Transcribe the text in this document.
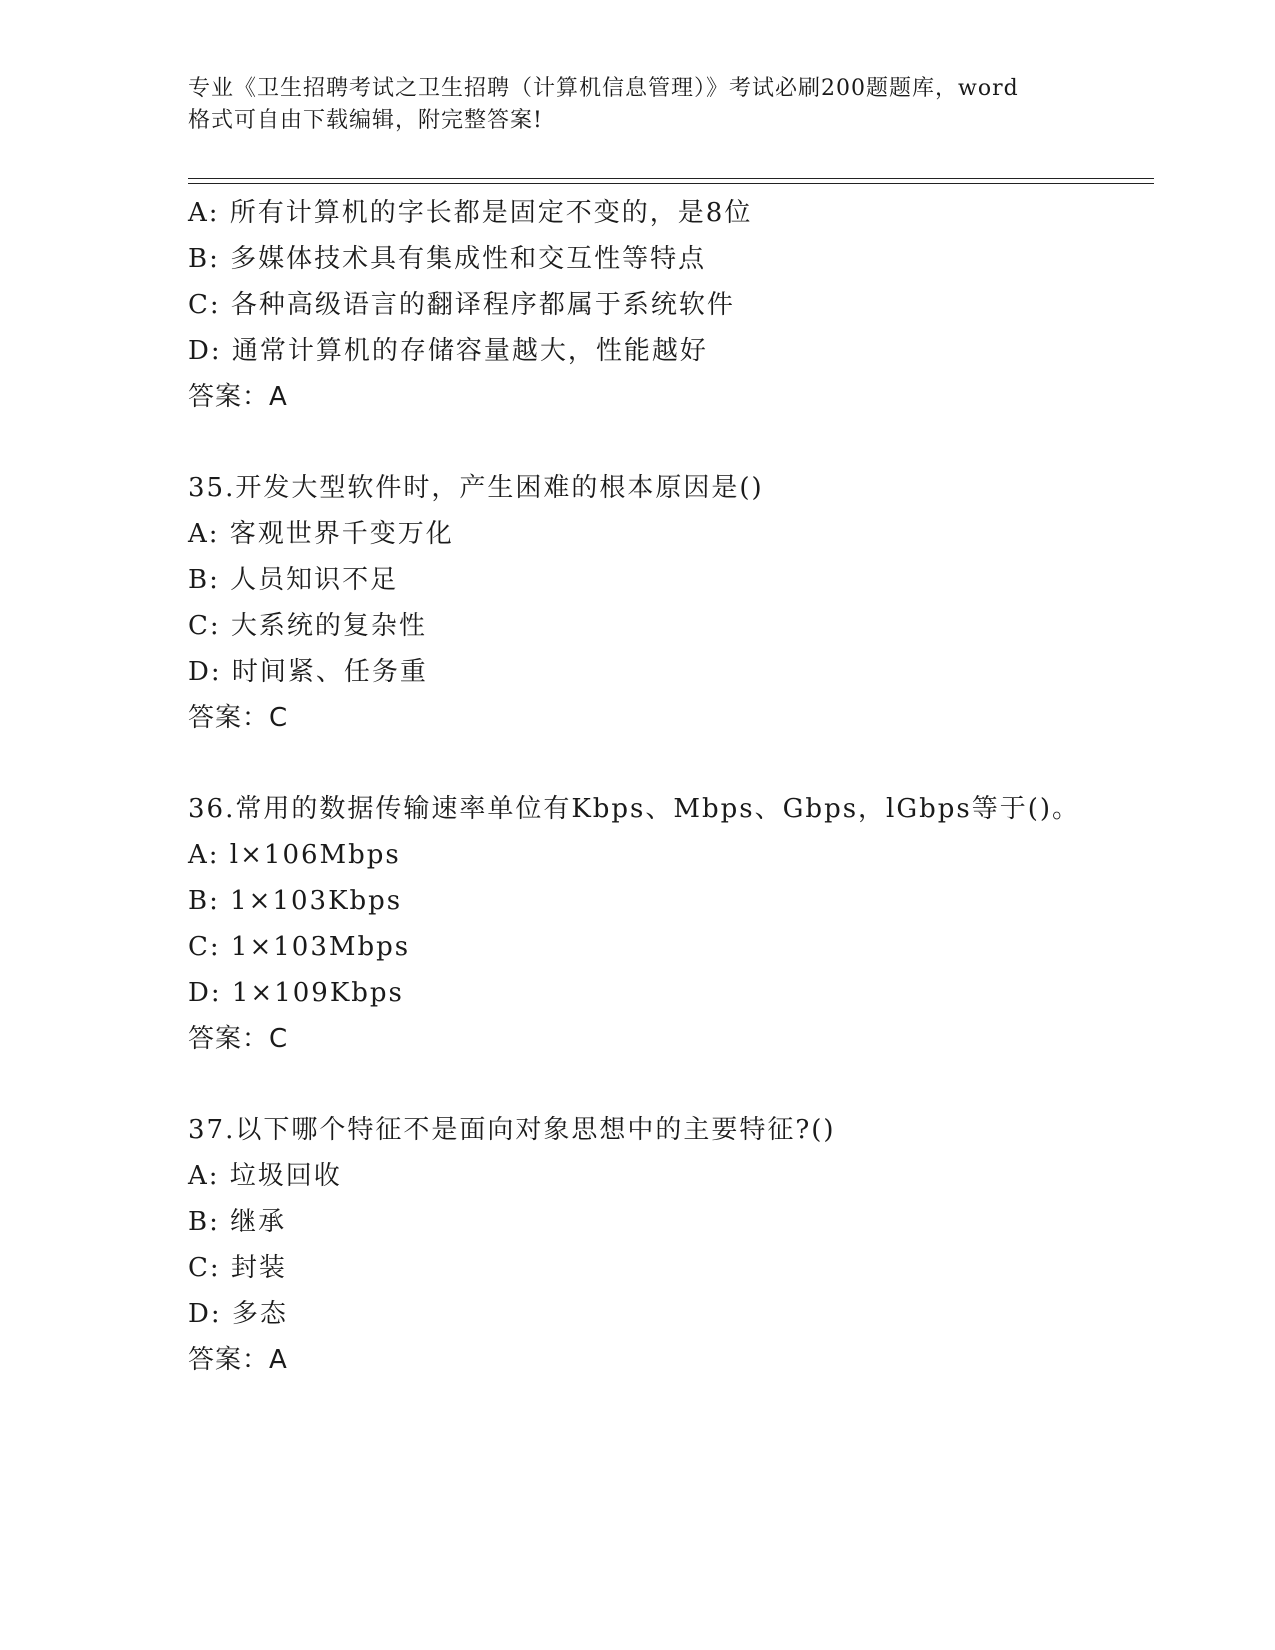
专业《卫生招聘考试之卫生招聘（计算机信息管理）》考试必刷200题题库，word
格式可自由下载编辑，附完整答案!
A: 所有计算机的字长都是固定不变的，是8位
B: 多媒体技术具有集成性和交互性等特点
C: 各种高级语言的翻译程序都属于系统软件
D: 通常计算机的存储容量越大，性能越好
答案：A
35.开发大型软件时，产生困难的根本原因是()
A: 客观世界千变万化
B: 人员知识不足
C: 大系统的复杂性
D: 时间紧、任务重
答案：C
36.常用的数据传输速率单位有Kbps、Mbps、Gbps，lGbps等于()。
A: l×106Mbps
B: 1×103Kbps
C: 1×103Mbps
D: 1×109Kbps
答案：C
37.以下哪个特征不是面向对象思想中的主要特征?()
A: 垃圾回收
B: 继承
C: 封装
D: 多态
答案：A
